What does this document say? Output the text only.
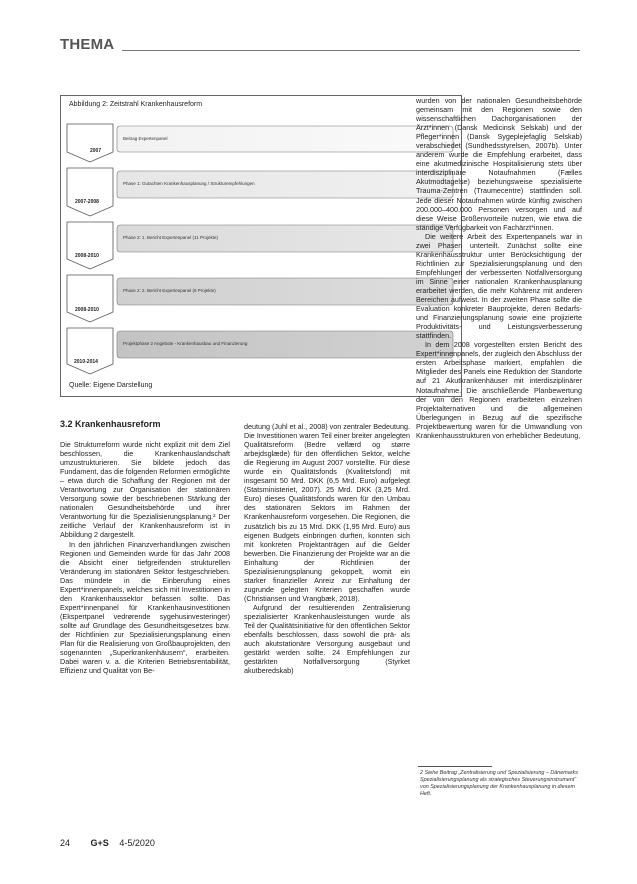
THEMA
Abbildung 2: Zeitstrahl Krankenhausreform
2007
2007-2008
2008-2010
2008-2010
2010-2014
Beitrag Expertenpanel
Phase 1: Gutachten Krankenhausplanung / Strukturempfehlungen
Phase 2: 1. Bericht Expertenpanel (11 Projekte)
Phase 2: 2. Bericht Expertenpanel (6 Projekte)
Projektphase 2 Angebote - Krankenhausbau und Finanzierung
Quelle: Eigene Darstellung
3.2 Krankenhausreform

Die Strukturreform wurde nicht explizit mit dem Ziel beschlossen, die Krankenhauslandschaft umzustrukturieren. Sie bildete jedoch das Fundament, das die folgenden Reformen ermöglichte – etwa durch die Schaffung der Regionen mit der Verantwortung zur Organisation der stationären Versorgung sowie der beschriebenen Stärkung der nationalen Gesundheitsbehörde und ihrer Verantwortung für die Spezialisierungsplanung.² Der zeitliche Verlauf der Krankenhausreform ist in Abbildung 2 dargestellt.

In den jährlichen Finanzverhandlungen zwischen Regionen und Gemeinden wurde für das Jahr 2008 die Absicht einer tiefgreifenden strukturellen Veränderung im stationären Sektor festgeschrieben. Das mündete in die Einberufung eines Expert*innenpanels, welches sich mit Investitionen in den Krankenhaussektor befassen sollte. Das Expert*innenpanel für Krankenhausinvestitionen (Ekspertpanel vedrørende sygehusinvesteringer) sollte auf Grundlage des Gesundheitsgesetzes bzw. der Richtlinien zur Spezialisierungsplanung einen Plan für die Realisierung von Großbauprojekten, den sogenannten „Superkrankenhäusern“, erarbeiten. Dabei waren v. a. die Kriterien Betriebsrentabilität, Effizienz und Qualität von Be-

deutung (Juhl et al., 2008) von zentraler Bedeutung. Die Investitionen waren Teil einer breiter angelegten Qualitätsreform (Bedre velfærd og større arbejdsglæde) für den öffentlichen Sektor, welche die Regierung im August 2007 vorstellte. Für diese wurde ein Qualitätsfonds (Kvalitetsfond) mit insgesamt 50 Mrd. DKK (6,5 Mrd. Euro) aufgelegt (Statsministeriet, 2007). 25 Mrd. DKK (3,25 Mrd. Euro) dieses Qualitätsfonds waren für den Umbau des stationären Sektors im Rahmen der Krankenhausreform vorgesehen. Die Regionen, die zusätzlich bis zu 15 Mrd. DKK (1,95 Mrd. Euro) aus eigenen Budgets einbringen durften, konnten sich mit konkreten Projektanträgen auf die Gelder bewerben. Die Finanzierung der Projekte war an die Einhaltung der Richtlinien der Spezialisierungsplanung gekoppelt, womit ein starker finanzieller Anreiz zur Einhaltung der zugrunde gelegten Kriterien geschaffen wurde (Christiansen und Vrangbæk, 2018).

Aufgrund der resultierenden Zentralisierung spezialisierter Krankenhausleistungen wurde als Teil der Qualitätsinitiative für den öffentlichen Sektor ebenfalls beschlossen, dass sowohl die prä- als auch akutstationäre Versorgung ausgebaut und gestärkt werden sollte. 24 Empfehlungen zur gestärkten Notfallversorgung (Styrket akutberedskab)

wurden von der nationalen Gesundheitsbehörde gemeinsam mit den Regionen sowie den wissenschaftlichen Dachorganisationen der Ärzt*innen (Dansk Medicinsk Selskab) und der Pfleger*innen (Dansk Sygeplejefaglig Selskab) verabschiedet (Sundhedsstyrelsen, 2007b). Unter anderem wurde die Empfehlung erarbeitet, dass eine akutmedizinische Hospitalisierung stets über interdisziplinäre Notaufnahmen (Fælles Akutmodtagelse) beziehungsweise spezialisierte Trauma-Zentren (Traumecentre) stattfinden soll. Jede dieser Notaufnahmen würde künftig zwischen 200.000–400.000 Personen versorgen und auf diese Weise Größenvorteile nutzen, wie etwa die ständige Verfügbarkeit von Fachärzt*innen.

Die weitere Arbeit des Expertenpanels war in zwei Phasen unterteilt. Zunächst sollte eine Krankenhausstruktur unter Berücksichtigung der Richtlinien zur Spezialisierungsplanung und den Empfehlungen der verbesserten Notfallversorgung im Sinne einer nationalen Krankenhausplanung erarbeitet werden, die mehr Kohärenz mit anderen Bereichen aufweist. In der zweiten Phase sollte die Evaluation konkreter Bauprojekte, deren Bedarfs- und Finanzierungsplanung sowie eine projizierte Produktivitäts- und Leistungsverbesserung stattfinden.

In dem 2008 vorgestellten ersten Bericht des Expert*innenpanels, der zugleich den Abschluss der ersten Arbeitsphase markiert, empfahlen die Mitglieder des Panels eine Reduktion der Standorte auf 21 Akutkrankenhäuser mit interdisziplinärer Notaufnahme. Die anschließende Planbewertung der von den Regionen erarbeiteten einzelnen Projektalternativen und die allgemeinen Überlegungen in Bezug auf die spezifische Projektbewertung waren für die Umwandlung von Krankenhausstrukturen von erheblicher Bedeutung,

2 Siehe Beitrag „Zentralisierung und Spezialisierung – Dänemarks Spezialisierungsplanung als strategisches Steuerungsinstrument“ von Spezialisierungsplanung der Krankenhausplanung in diesem Heft.
24 G+S 4-5/2020
